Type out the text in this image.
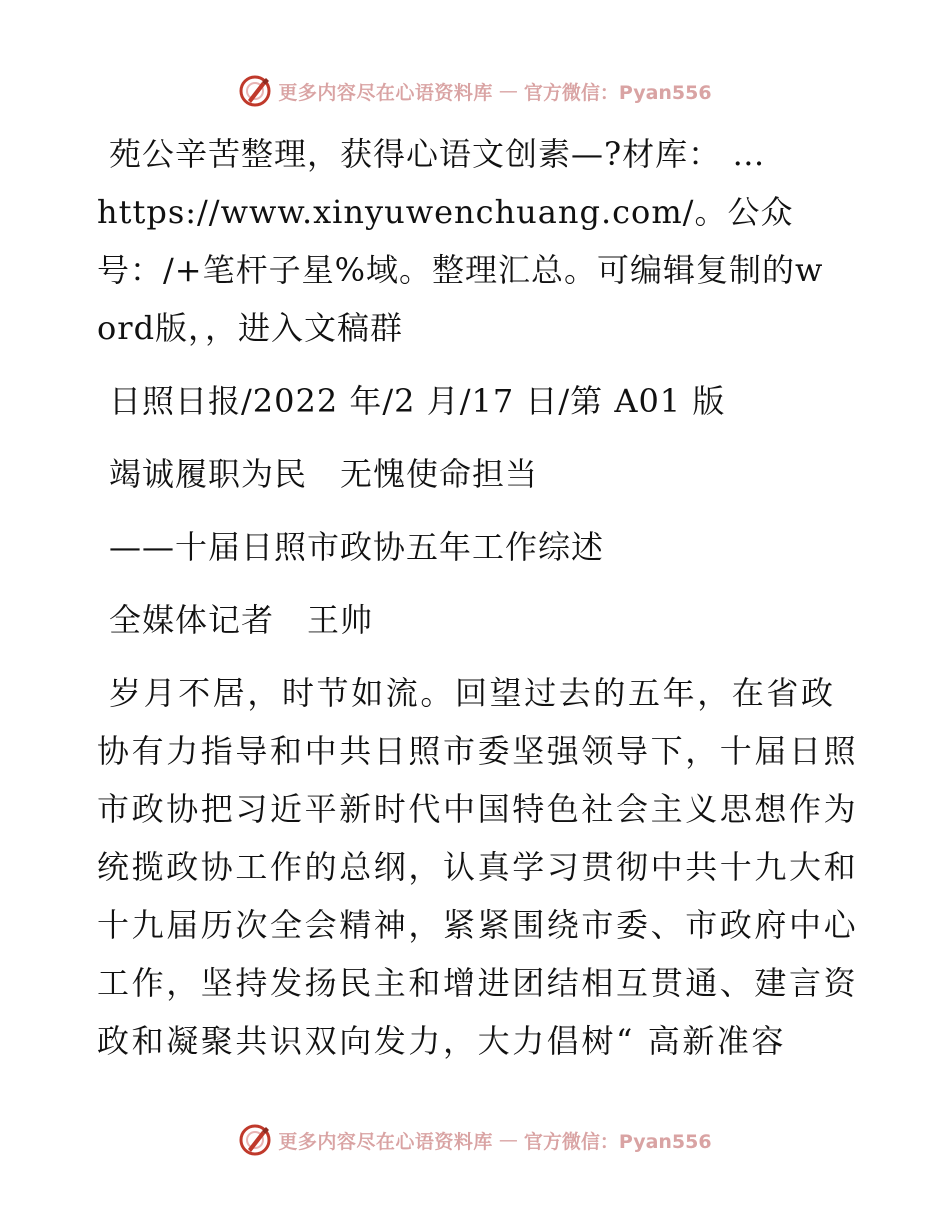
更多内容尽在心语资料库 — 官方微信：Pyan556
苑公辛苦整理，获得心语文创素—?材库： …
https://www.xinyuwenchuang.com/。公众
号：/+笔杆子星%域。整理汇总。可编辑复制的w
ord版，，进入文稿群
日照日报/2022 年/2 月/17 日/第 A01 版
竭诚履职为民　无愧使命担当
——十届日照市政协五年工作综述
全媒体记者　王帅
岁月不居，时节如流。回望过去的五年，在省政
协有力指导和中共日照市委坚强领导下，十届日照
市政协把习近平新时代中国特色社会主义思想作为
统揽政协工作的总纲，认真学习贯彻中共十九大和
十九届历次全会精神，紧紧围绕市委、市政府中心
工作，坚持发扬民主和增进团结相互贯通、建言资
政和凝聚共识双向发力，大力倡树“ 高新准容
更多内容尽在心语资料库 — 官方微信：Pyan556
